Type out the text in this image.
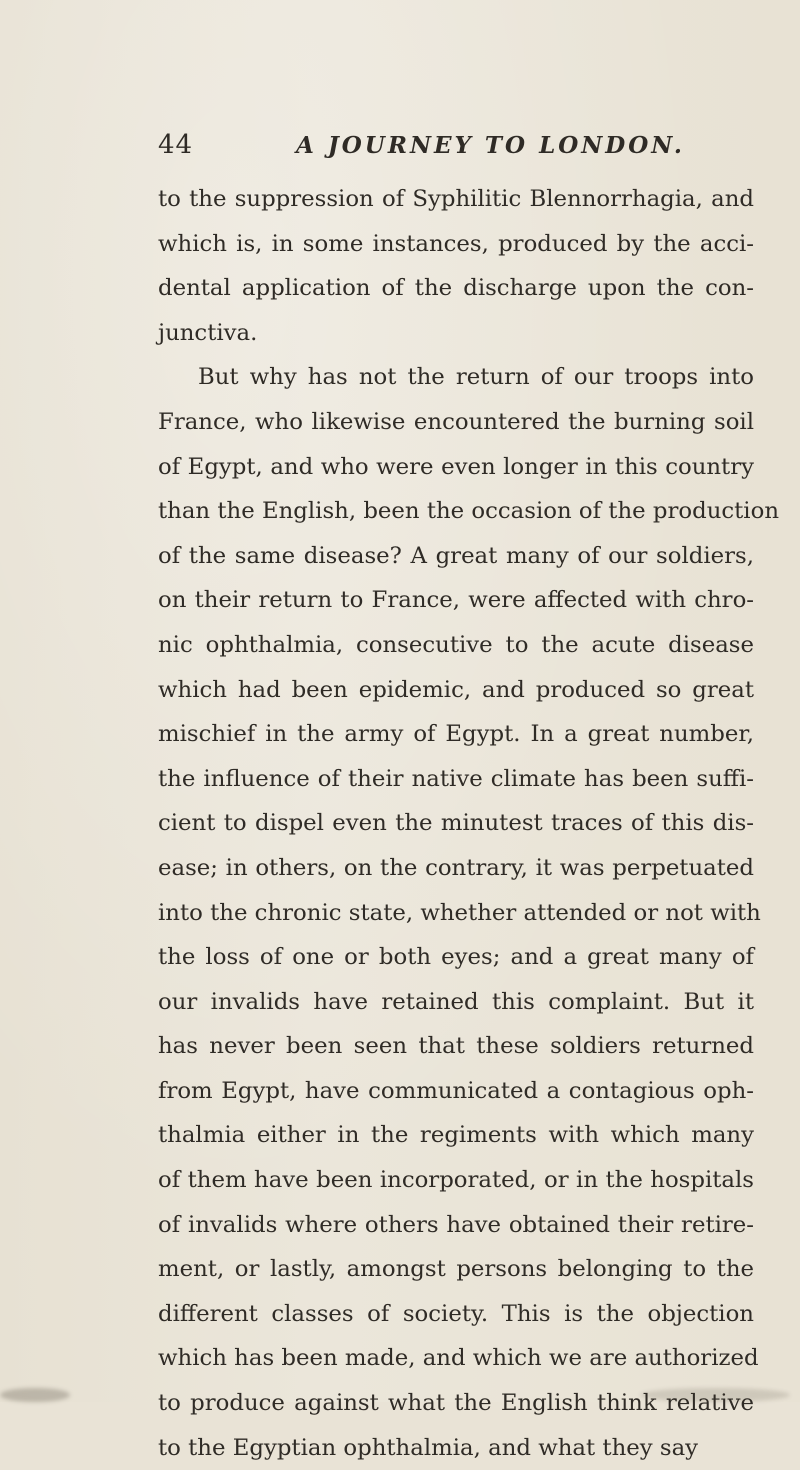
44	A JOURNEY TO LONDON.
to the suppression of Syphilitic Blennorrhagia, and
which is, in some instances, produced by the acci-
dental application of the discharge upon the con-
junctiva.
But why has not the return of our troops into
France, who likewise encountered the burning soil
of Egypt, and who were even longer in this country
than the English, been the occasion of the production
of the same disease? A great many of our soldiers,
on their return to France, were affected with chro-
nic ophthalmia, consecutive to the acute disease
which had been epidemic, and produced so great
mischief in the army of Egypt. In a great number,
the influence of their native climate has been suffi-
cient to dispel even the minutest traces of this dis-
ease; in others, on the contrary, it was perpetuated
into the chronic state, whether attended or not with
the loss of one or both eyes; and a great many of
our invalids have retained this complaint. But it
has never been seen that these soldiers returned
from Egypt, have communicated a contagious oph-
thalmia either in the regiments with which many
of them have been incorporated, or in the hospitals
of invalids where others have obtained their retire-
ment, or lastly, amongst persons belonging to the
different classes of society. This is the objection
which has been made, and which we are authorized
to produce against what the English think relative
to the Egyptian ophthalmia, and what they say
